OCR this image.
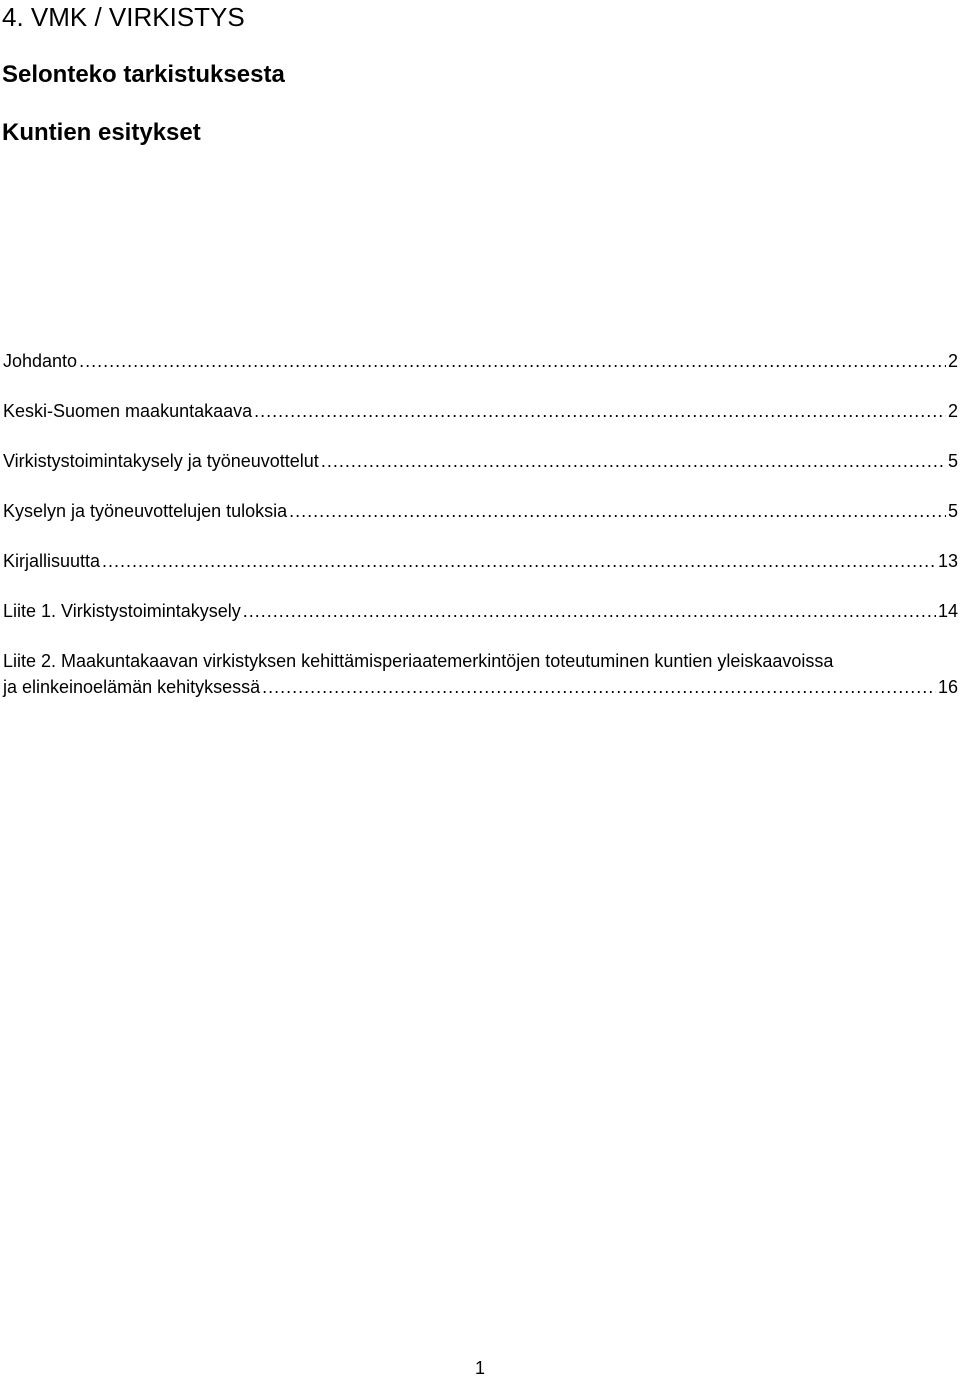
4. VMK / VIRKISTYS
Selonteko tarkistuksesta
Kuntien esitykset
Johdanto .....	2
Keski-Suomen maakuntakaava .....	2
Virkistystoimintakysely ja työneuvottelut .....	5
Kyselyn ja työneuvottelujen tuloksia .....	5
Kirjallisuutta .....	13
Liite 1. Virkistystoimintakysely .....	14
Liite 2. Maakuntakaavan virkistyksen kehittämisperiaatemerkintöjen toteutuminen kuntien yleiskaavoissa
ja elinkeinoelämän kehityksessä .....	16
1
